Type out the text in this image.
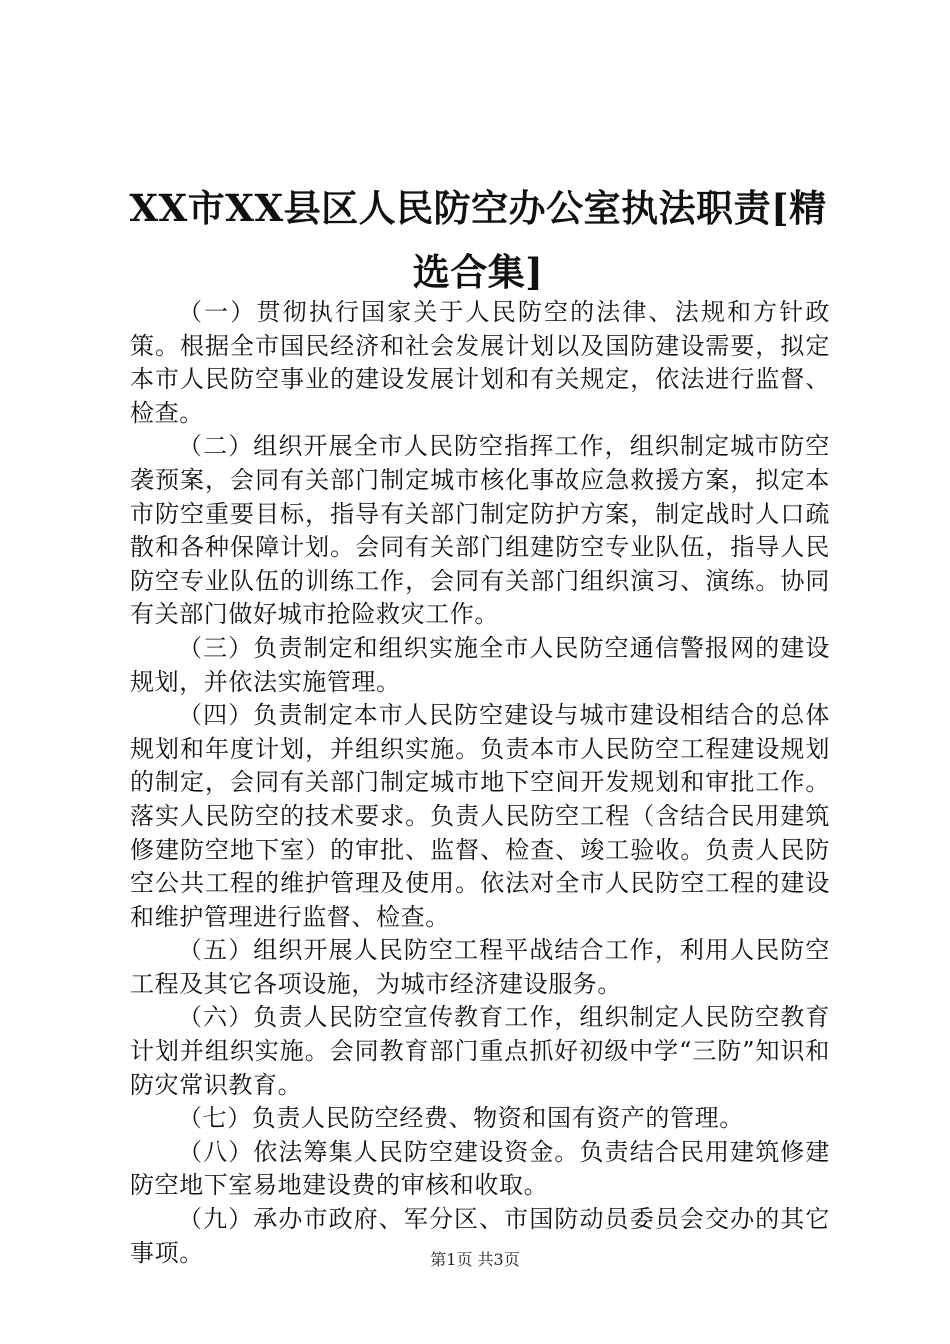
XX市XX县区人民防空办公室执法职责[精选合集]

（一）贯彻执行国家关于人民防空的法律、法规和方针政策。根据全市国民经济和社会发展计划以及国防建设需要，拟定本市人民防空事业的建设发展计划和有关规定，依法进行监督、检查。

（二）组织开展全市人民防空指挥工作，组织制定城市防空袭预案，会同有关部门制定城市核化事故应急救援方案，拟定本市防空重要目标，指导有关部门制定防护方案，制定战时人口疏散和各种保障计划。会同有关部门组建防空专业队伍，指导人民防空专业队伍的训练工作，会同有关部门组织演习、演练。协同有关部门做好城市抢险救灾工作。

（三）负责制定和组织实施全市人民防空通信警报网的建设规划，并依法实施管理。

（四）负责制定本市人民防空建设与城市建设相结合的总体规划和年度计划，并组织实施。负责本市人民防空工程建设规划的制定，会同有关部门制定城市地下空间开发规划和审批工作。落实人民防空的技术要求。负责人民防空工程（含结合民用建筑修建防空地下室）的审批、监督、检查、竣工验收。负责人民防空公共工程的维护管理及使用。依法对全市人民防空工程的建设和维护管理进行监督、检查。

（五）组织开展人民防空工程平战结合工作，利用人民防空工程及其它各项设施，为城市经济建设服务。

（六）负责人民防空宣传教育工作，组织制定人民防空教育计划并组织实施。会同教育部门重点抓好初级中学“三防”知识和防灾常识教育。

（七）负责人民防空经费、物资和国有资产的管理。

（八）依法筹集人民防空建设资金。负责结合民用建筑修建防空地下室易地建设费的审核和收取。

（九）承办市政府、军分区、市国防动员委员会交办的其它事项。	第1页 共3页
